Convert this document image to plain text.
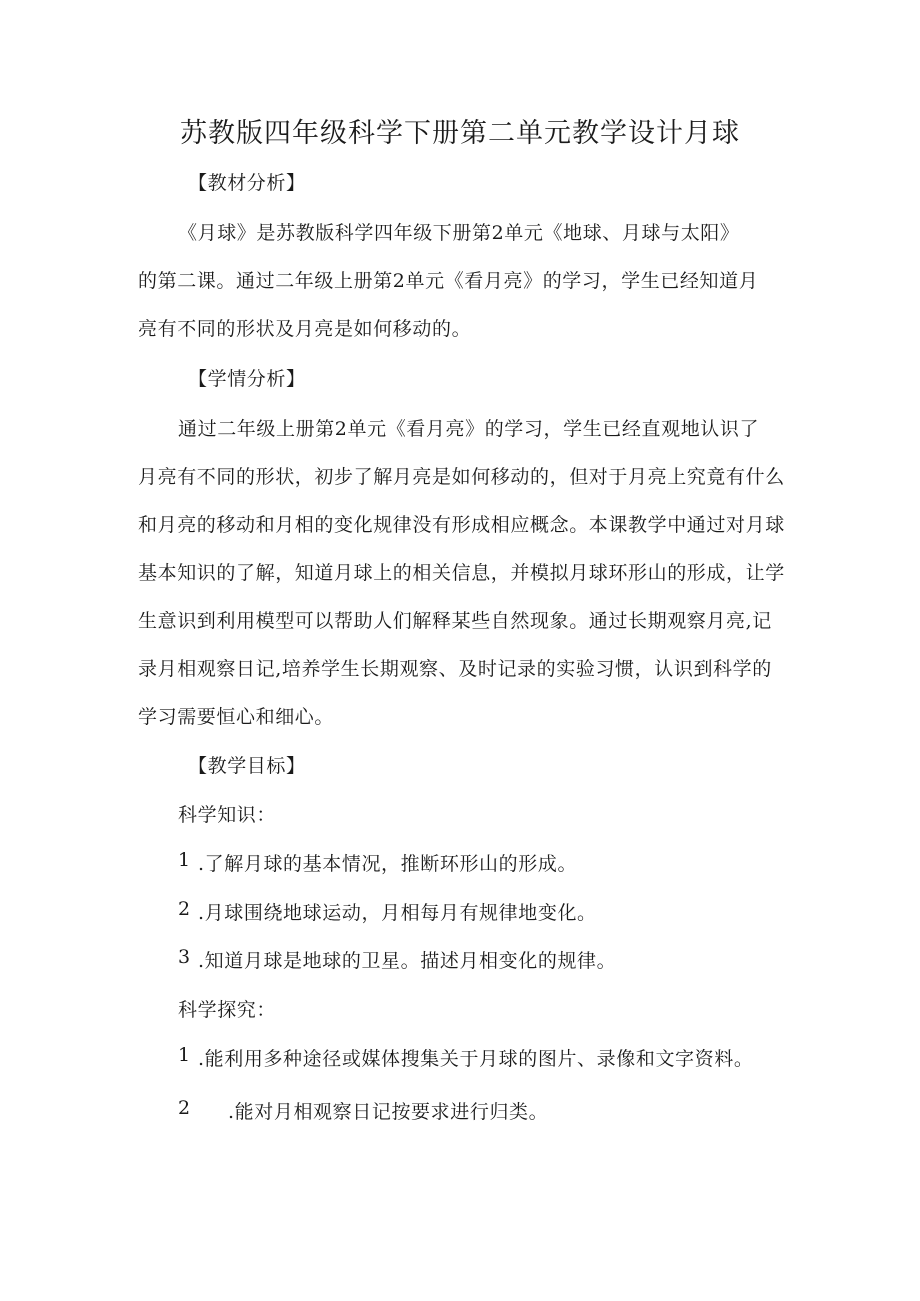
苏教版四年级科学下册第二单元教学设计月球
【教材分析】
《月球》是苏教版科学四年级下册第2单元《地球、月球与太阳》
的第二课。通过二年级上册第2单元《看月亮》的学习，学生已经知道月
亮有不同的形状及月亮是如何移动的。
【学情分析】
通过二年级上册第2单元《看月亮》的学习，学生已经直观地认识了
月亮有不同的形状，初步了解月亮是如何移动的，但对于月亮上究竟有什么
和月亮的移动和月相的变化规律没有形成相应概念。本课教学中通过对月球
基本知识的了解，知道月球上的相关信息，并模拟月球环形山的形成，让学
生意识到利用模型可以帮助人们解释某些自然现象。通过长期观察月亮,记
录月相观察日记,培养学生长期观察、及时记录的实验习惯，认识到科学的
学习需要恒心和细心。
【教学目标】
科学知识：
1 .了解月球的基本情况，推断环形山的形成。
2 .月球围绕地球运动，月相每月有规律地变化。
3 .知道月球是地球的卫星。描述月相变化的规律。
科学探究：
1 .能利用多种途径或媒体搜集关于月球的图片、录像和文字资料。
2 .能对月相观察日记按要求进行归类。
